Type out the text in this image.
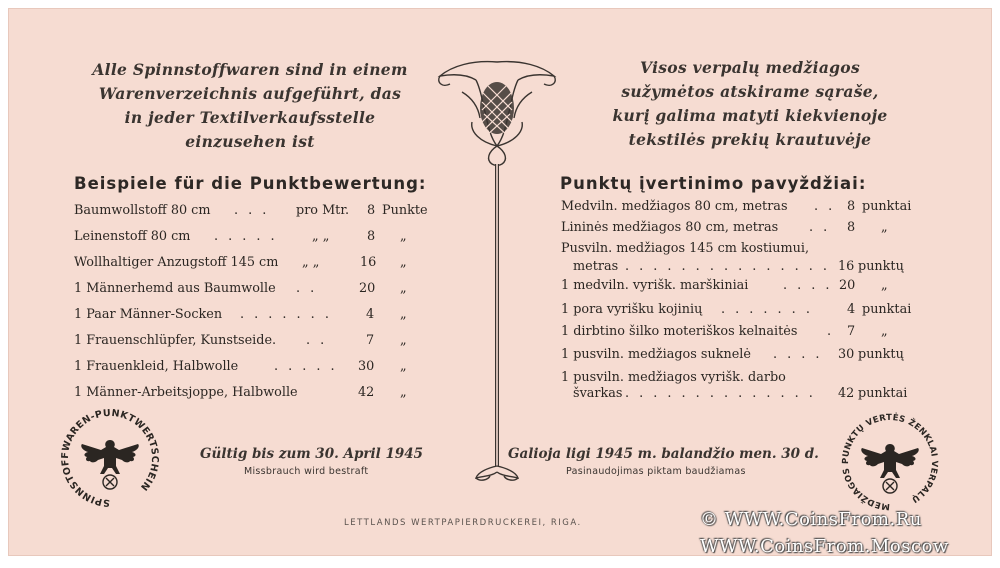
Alle Spinnstoffwaren sind in einem
Warenverzeichnis aufgeführt, das
in jeder Textilverkaufsstelle
einzusehen ist
Visos verpalų medžiagos
sužymėtos atskirame sąraše,
kurį galima matyti kiekvienoje
tekstilės prekių krautuvėje
Beispiele für die Punktbewertung:	Punktų įvertinimo pavyždžiai:
Baumwollstoff 80 cm . . . pro Mtr. 8 Punkte
Leinenstoff 80 cm . . . . .	„ „	8 „
Wollhaltiger Anzugstoff 145 cm „ „	16 „
1 Männerhemd aus Baumwolle . .	20 „
1 Paar Männer-Socken . . . . . . .	4 „
1 Frauenschlüpfer, Kunstseide. . .	7 „
1 Frauenkleid, Halbwolle	. . . . . 30 „
1 Männer-Arbeitsjoppe, Halbwolle	42 „
Medviln. medžiagos 80 cm, metras . . 8 punktai
Lininės medžiagos 80 cm, metras . . 8 „
Pusviln. medžiagos 145 cm kostiumui,
metras . . . . . . . . . . . . . . . 16 punktų
1 medviln. vyrišk. marškiniai	. . . . 20 „
1 pora vyrišku kojinių . . . . . . .	4 punktai
1 dirbtino šilko moteriškos kelnaitės . 7 „
1 pusviln. medžiagos suknelė . . . . 30 punktų
1 pusviln. medžiagos vyrišk. darbo
švarkas . . . . . . . . . . . . . . 42 punktai
SPINNSTOFFWAREN-PUNKTWERTSCHEIN
MEDŽIAGOS PUNKTŲ VERTĖS ŽENKLAI VERPALŲ
Gültig bis zum 30. April 1945
Missbrauch wird bestraft
Galioja ligi 1945 m. balandžio men. 30 d.
Pasinaudojimas piktam baudžiamas
LETTLANDS WERTPAPIERDRUCKEREI, RIGA.	© WWW.CoinsFrom.Ru
WWW.CoinsFrom.Moscow
